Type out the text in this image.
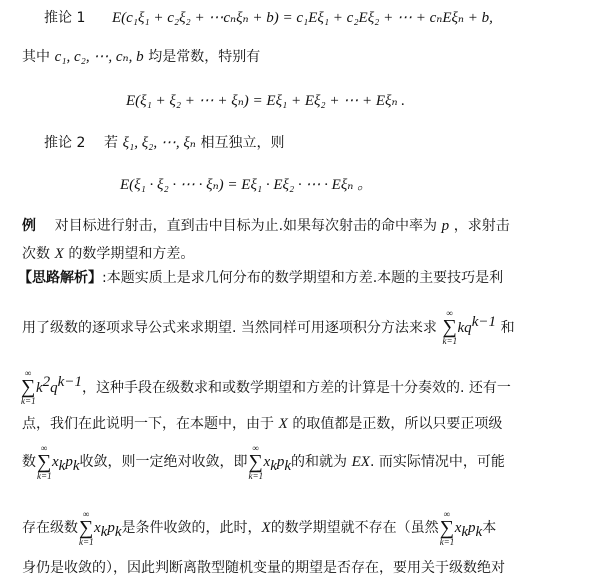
推论 1 E(c₁ξ₁ + c₂ξ₂ + ⋯cₙξₙ + b) = c₁Eξ₁ + c₂Eξ₂ + ⋯ + cₙEξₙ + b,
其中 c₁, c₂, ⋯, cₙ, b 均是常数，特别有
E(ξ₁ + ξ₂ + ⋯ + ξₙ) = Eξ₁ + Eξ₂ + ⋯ + Eξₙ .
推论 2 若 ξ₁, ξ₂, ⋯, ξₙ 相互独立，则
E(ξ₁ · ξ₂ · ⋯ · ξₙ) = Eξ₁ · Eξ₂ · ⋯ · Eξₙ 。
例 对目标进行射击，直到击中目标为止.如果每次射击的命中率为 p ，求射击
次数 X 的数学期望和方差。
【思路解析】:本题实质上是求几何分布的数学期望和方差.本题的主要技巧是利
用了级数的逐项求导公式来求期望. 当然同样可用逐项积分方法来求
∞
∑
k=1
$kq^{k-1}$ 和
∞
∑
k=1
$k^2q^{k-1}$，这种手段在级数求和或数学期望和方差的计算是十分奏效的. 还有一
点，我们在此说明一下，在本题中，由于 X 的取值都是正数，所以只要正项级
数
∞
∑
k=1
$x_kp_k$收敛，则一定绝对收敛，即
∞
∑
k=1
$x_kp_k$的和就为 EX. 而实际情况中，可能
存在级数
∞
∑
k=1
$x_kp_k$是条件收敛的，此时，X的数学期望就不存在（虽然
∞
∑
k=1
$x_kp_k$本
身仍是收敛的），因此判断离散型随机变量的期望是否存在，要用关于级数绝对
